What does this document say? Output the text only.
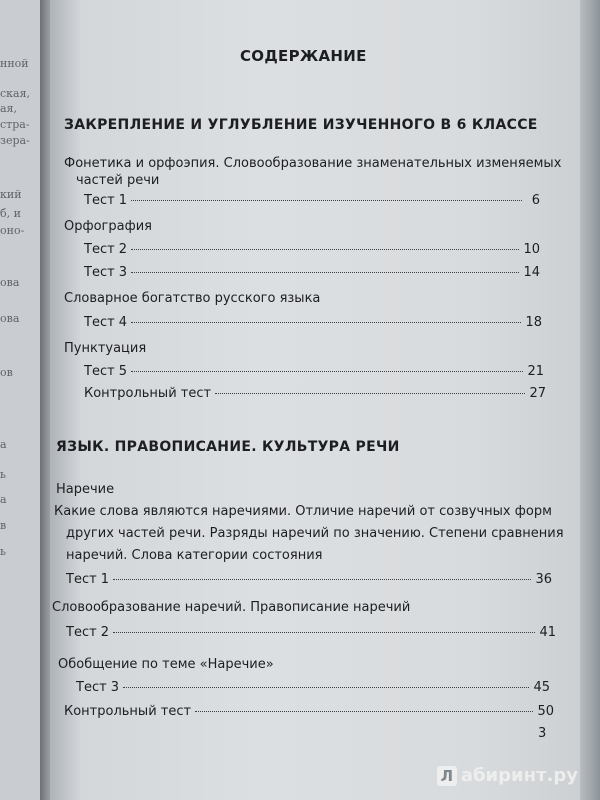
нной
ская,
ая,
стра-
зера-
кий
б, и
оно-
ова
ова
ов
а
ь
а
в
ь
СОДЕРЖАНИЕ
ЗАКРЕПЛЕНИЕ И УГЛУБЛЕНИЕ ИЗУЧЕННОГО В 6 КЛАССЕ
Фонетика и орфоэпия. Словообразование знаменательных изменяемых
частей речи
Тест 1	6
Орфография
Тест 2	10
Тест 3	14
Словарное богатство русского языка
Тест 4	18
Пунктуация
Тест 5	21
Контрольный тест	27
ЯЗЫК. ПРАВОПИСАНИЕ. КУЛЬТУРА РЕЧИ
Наречие
Какие слова являются наречиями. Отличие наречий от созвучных форм
других частей речи. Разряды наречий по значению. Степени сравнения
наречий. Слова категории состояния
Тест 1	36
Словообразование наречий. Правописание наречий
Тест 2	41
Обобщение по теме «Наречие»
Тест 3	45
Контрольный тест	50
3
Л абиринт.ру
